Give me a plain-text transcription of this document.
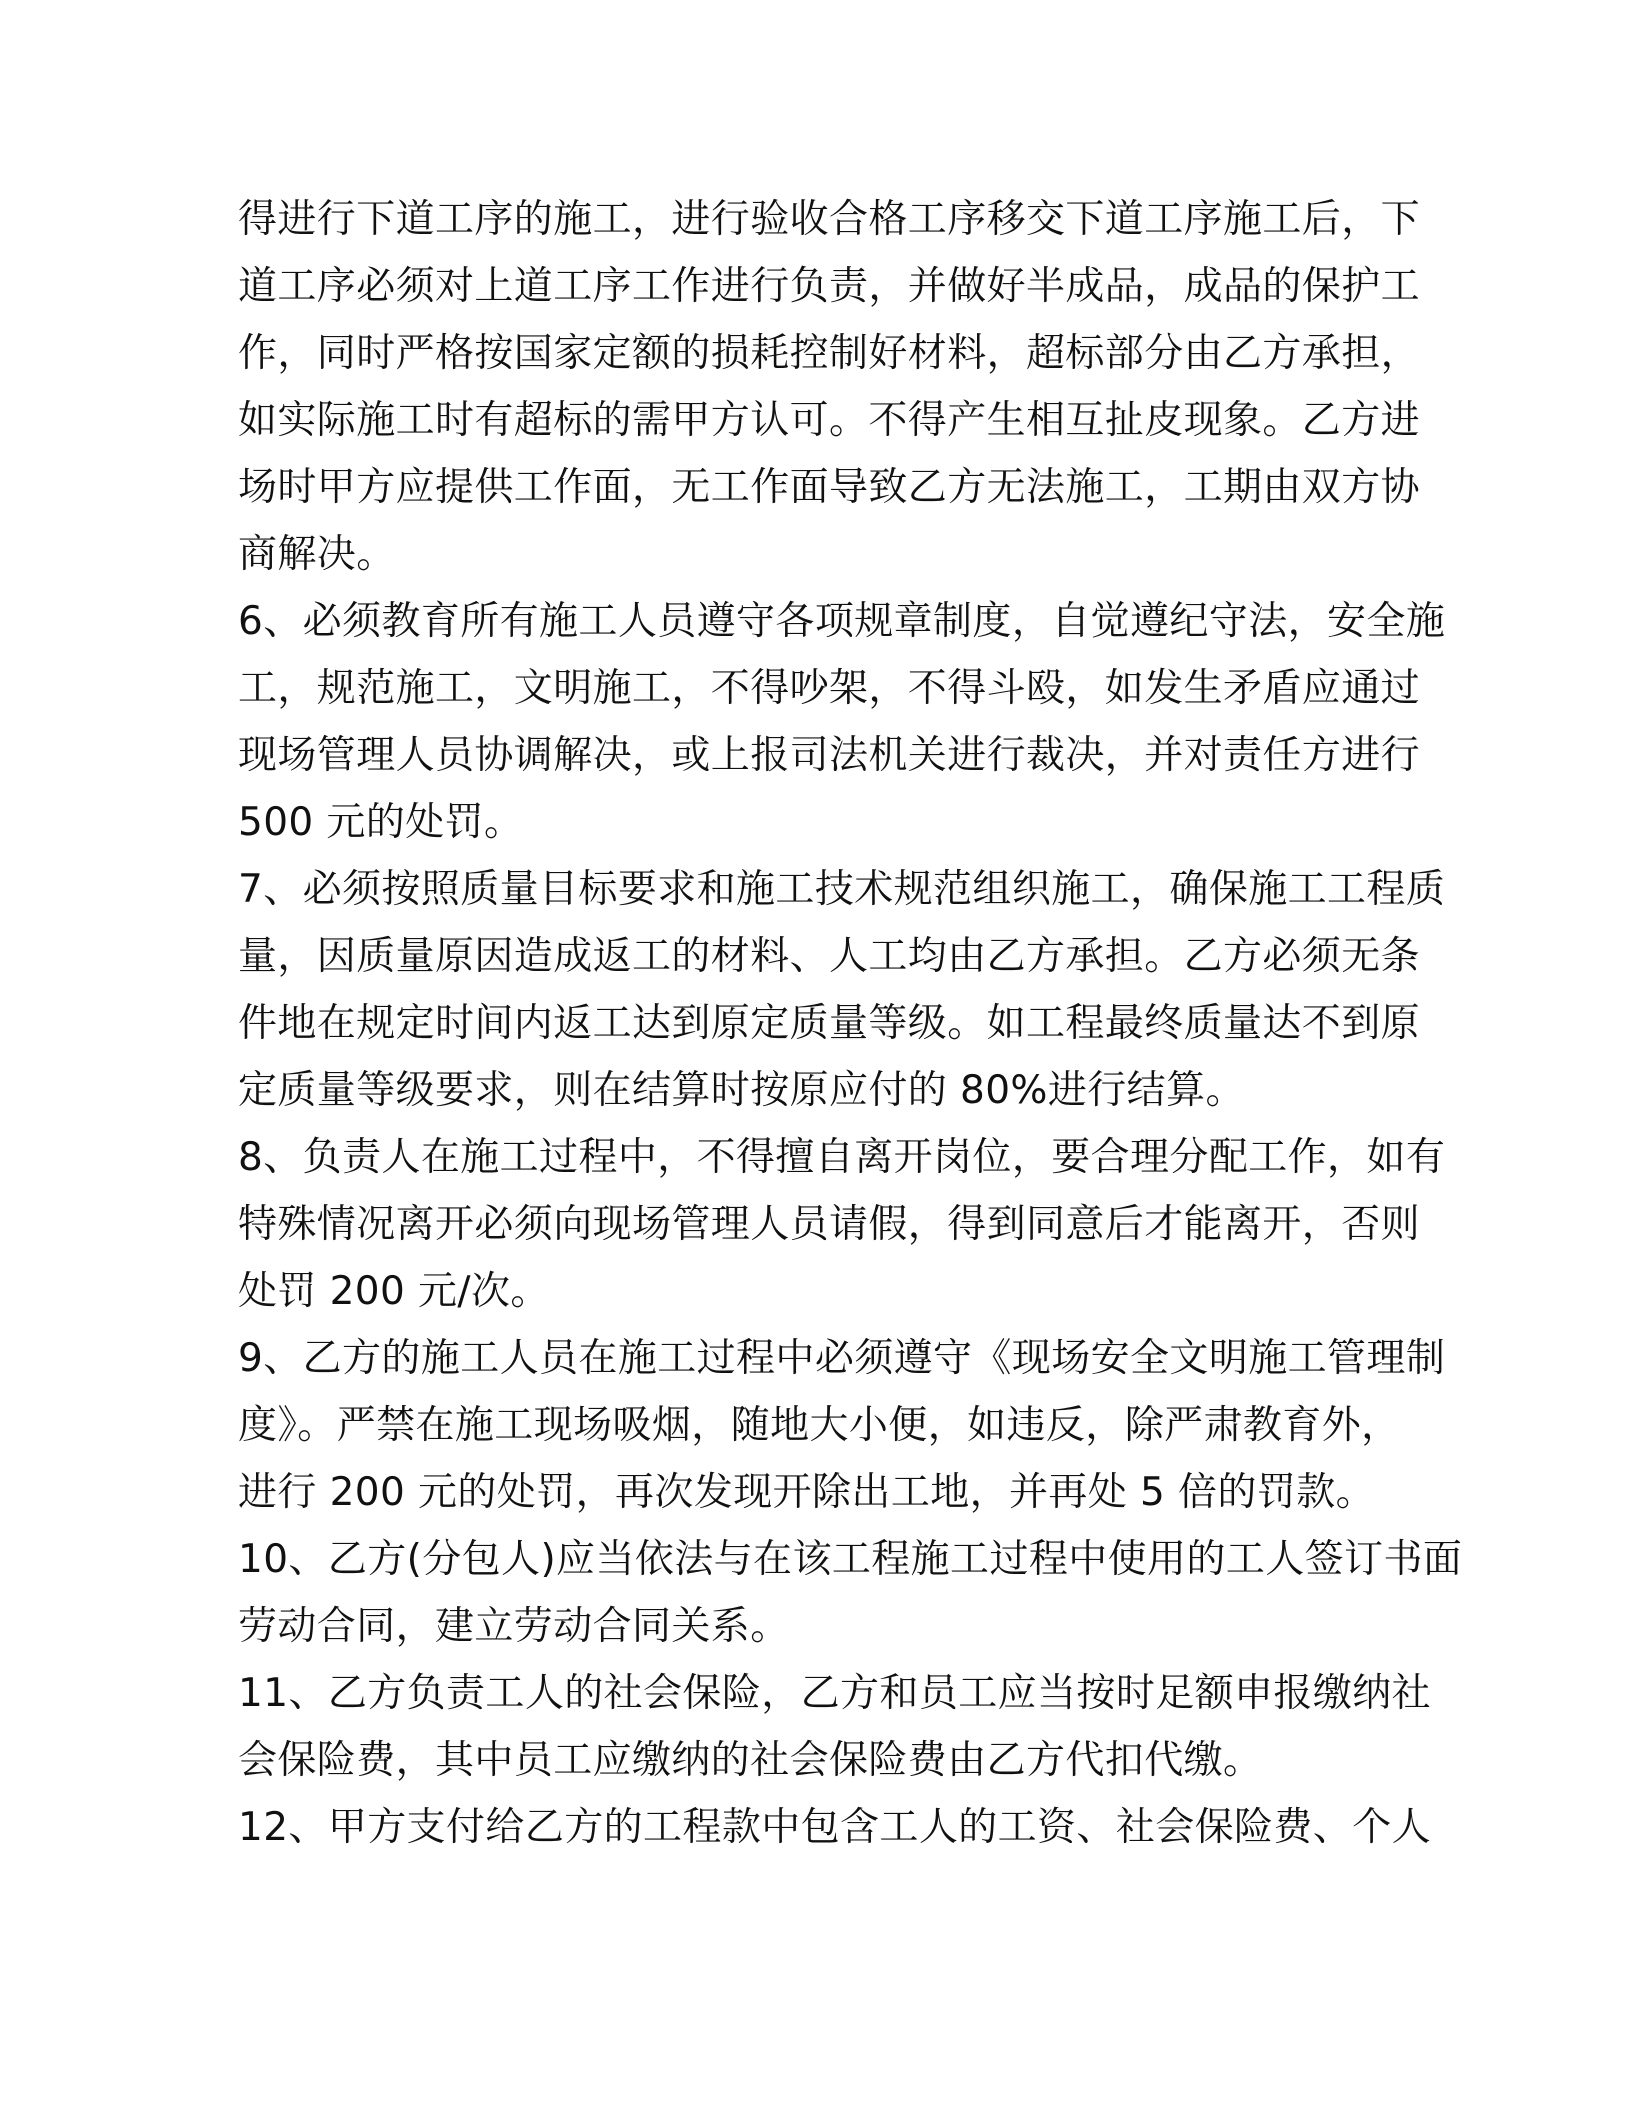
得进行下道工序的施工，进行验收合格工序移交下道工序施工后，下
道工序必须对上道工序工作进行负责，并做好半成品，成品的保护工
作，同时严格按国家定额的损耗控制好材料，超标部分由乙方承担，
如实际施工时有超标的需甲方认可。不得产生相互扯皮现象。乙方进
场时甲方应提供工作面，无工作面导致乙方无法施工，工期由双方协
商解决。
6、必须教育所有施工人员遵守各项规章制度，自觉遵纪守法，安全施
工，规范施工，文明施工，不得吵架，不得斗殴，如发生矛盾应通过
现场管理人员协调解决，或上报司法机关进行裁决，并对责任方进行
500 元的处罚。
7、必须按照质量目标要求和施工技术规范组织施工，确保施工工程质
量，因质量原因造成返工的材料、人工均由乙方承担。乙方必须无条
件地在规定时间内返工达到原定质量等级。如工程最终质量达不到原
定质量等级要求，则在结算时按原应付的 80%进行结算。
8、负责人在施工过程中，不得擅自离开岗位，要合理分配工作，如有
特殊情况离开必须向现场管理人员请假，得到同意后才能离开，否则
处罚 200 元/次。
9、乙方的施工人员在施工过程中必须遵守《现场安全文明施工管理制
度》。严禁在施工现场吸烟，随地大小便，如违反，除严肃教育外，
进行 200 元的处罚，再次发现开除出工地，并再处 5 倍的罚款。
10、乙方(分包人)应当依法与在该工程施工过程中使用的工人签订书面
劳动合同，建立劳动合同关系。
11、乙方负责工人的社会保险，乙方和员工应当按时足额申报缴纳社
会保险费，其中员工应缴纳的社会保险费由乙方代扣代缴。
12、甲方支付给乙方的工程款中包含工人的工资、社会保险费、个人
